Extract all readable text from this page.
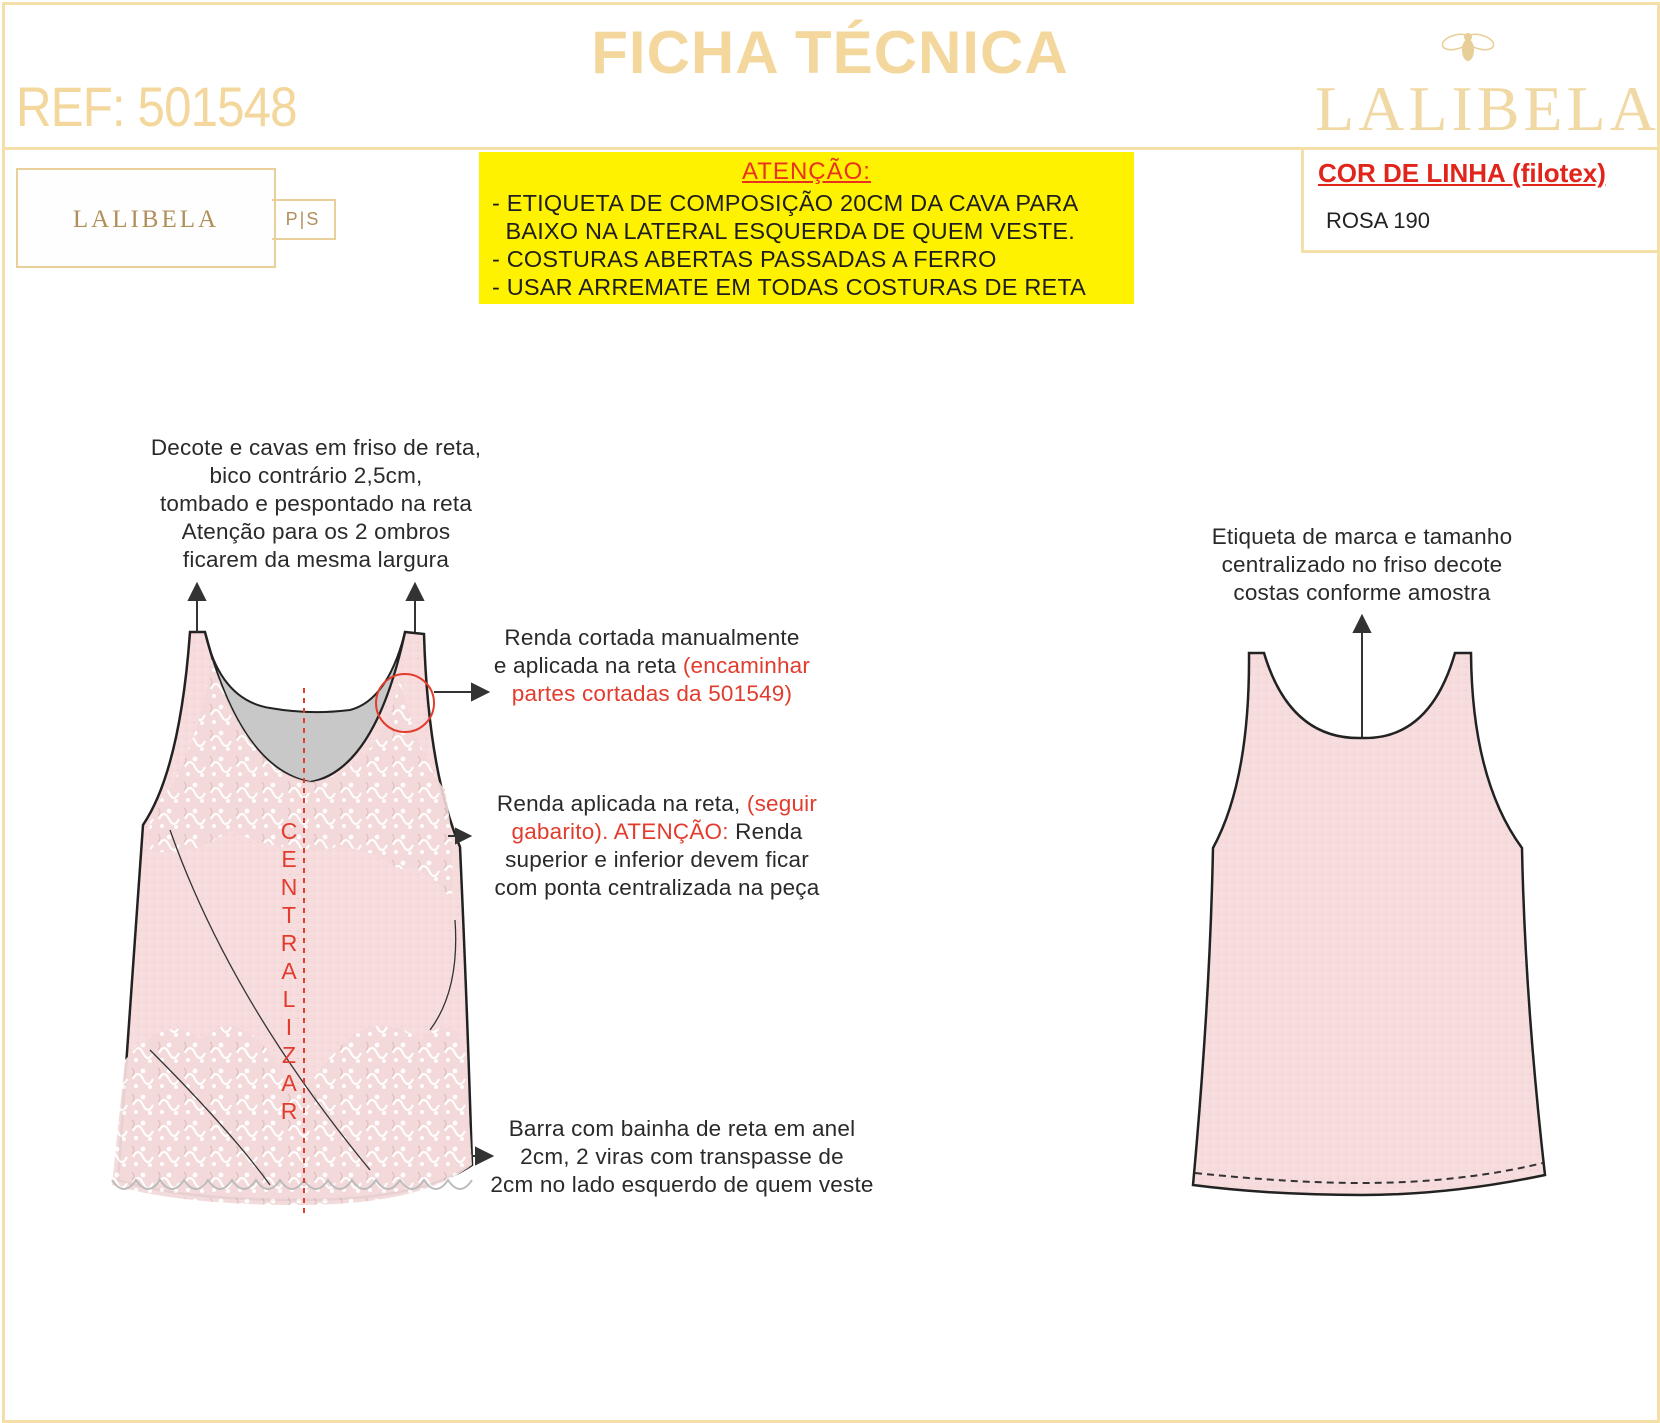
FICHA TÉCNICA
REF: 501548	LALIBELA
LALIBELA	P|S
ATENÇÃO:
- ETIQUETA DE COMPOSIÇÃO 20CM DA CAVA PARA
BAIXO NA LATERAL ESQUERDA DE QUEM VESTE.
- COSTURAS ABERTAS PASSADAS A FERRO
- USAR ARREMATE EM TODAS COSTURAS DE RETA
COR DE LINHA (filotex)
ROSA 190
C
E
N
T
R
A
L
I
Z
A
R
Decote e cavas em friso de reta,
bico contrário 2,5cm,
tombado e pespontado na reta
Atenção para os 2 ombros
ficarem da mesma largura
Renda cortada manualmente
e aplicada na reta (encaminhar
partes cortadas da 501549)
Renda aplicada na reta, (seguir
gabarito). ATENÇÃO: Renda
superior e inferior devem ficar
com ponta centralizada na peça
Barra com bainha de reta em anel
2cm, 2 viras com transpasse de
2cm no lado esquerdo de quem veste
Etiqueta de marca e tamanho
centralizado no friso decote
costas conforme amostra
